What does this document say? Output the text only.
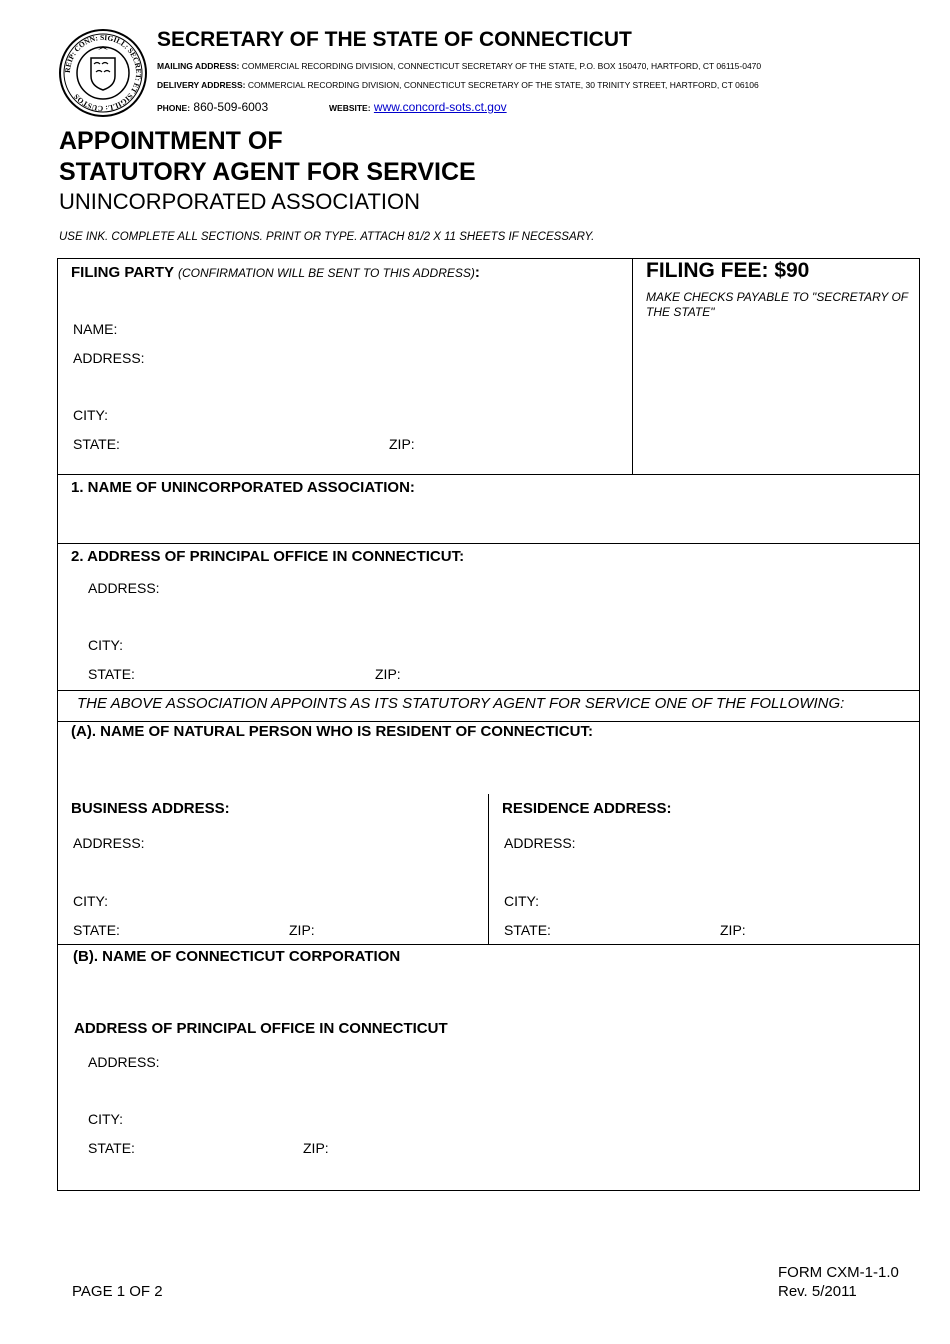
REIP: CONN: SIGILL: SECRET: ET SIGILL: CUSTOS
SECRETARY OF THE STATE OF CONNECTICUT
MAILING ADDRESS: COMMERCIAL RECORDING DIVISION, CONNECTICUT SECRETARY OF THE STATE, P.O. BOX 150470, HARTFORD, CT 06115-0470
DELIVERY ADDRESS: COMMERCIAL RECORDING DIVISION, CONNECTICUT SECRETARY OF THE STATE, 30 TRINITY STREET, HARTFORD, CT 06106
PHONE: 860-509-6003	WEBSITE: www.concord-sots.ct.gov
APPOINTMENT OF
STATUTORY AGENT FOR SERVICE
UNINCORPORATED ASSOCIATION
USE INK. COMPLETE ALL SECTIONS. PRINT OR TYPE. ATTACH 81/2 X 11 SHEETS IF NECESSARY.
FILING PARTY (CONFIRMATION WILL BE SENT TO THIS ADDRESS):
NAME:
ADDRESS:
CITY:
STATE:	ZIP:
FILING FEE: $90
MAKE CHECKS PAYABLE TO "SECRETARY OF THE STATE"
1. NAME OF UNINCORPORATED ASSOCIATION:
2. ADDRESS OF PRINCIPAL OFFICE IN CONNECTICUT:
ADDRESS:
CITY:
STATE:	ZIP:
THE ABOVE ASSOCIATION APPOINTS AS ITS STATUTORY AGENT FOR SERVICE ONE OF THE FOLLOWING:
(A). NAME OF NATURAL PERSON WHO IS RESIDENT OF CONNECTICUT:
BUSINESS ADDRESS:	RESIDENCE ADDRESS:
ADDRESS:
CITY:
STATE:	ZIP:
ADDRESS:
CITY:
STATE:	ZIP:
(B). NAME OF CONNECTICUT CORPORATION
ADDRESS OF PRINCIPAL OFFICE IN CONNECTICUT
ADDRESS:
CITY:
STATE:	ZIP:
PAGE 1 OF 2
FORM CXM-1-1.0
Rev. 5/2011
